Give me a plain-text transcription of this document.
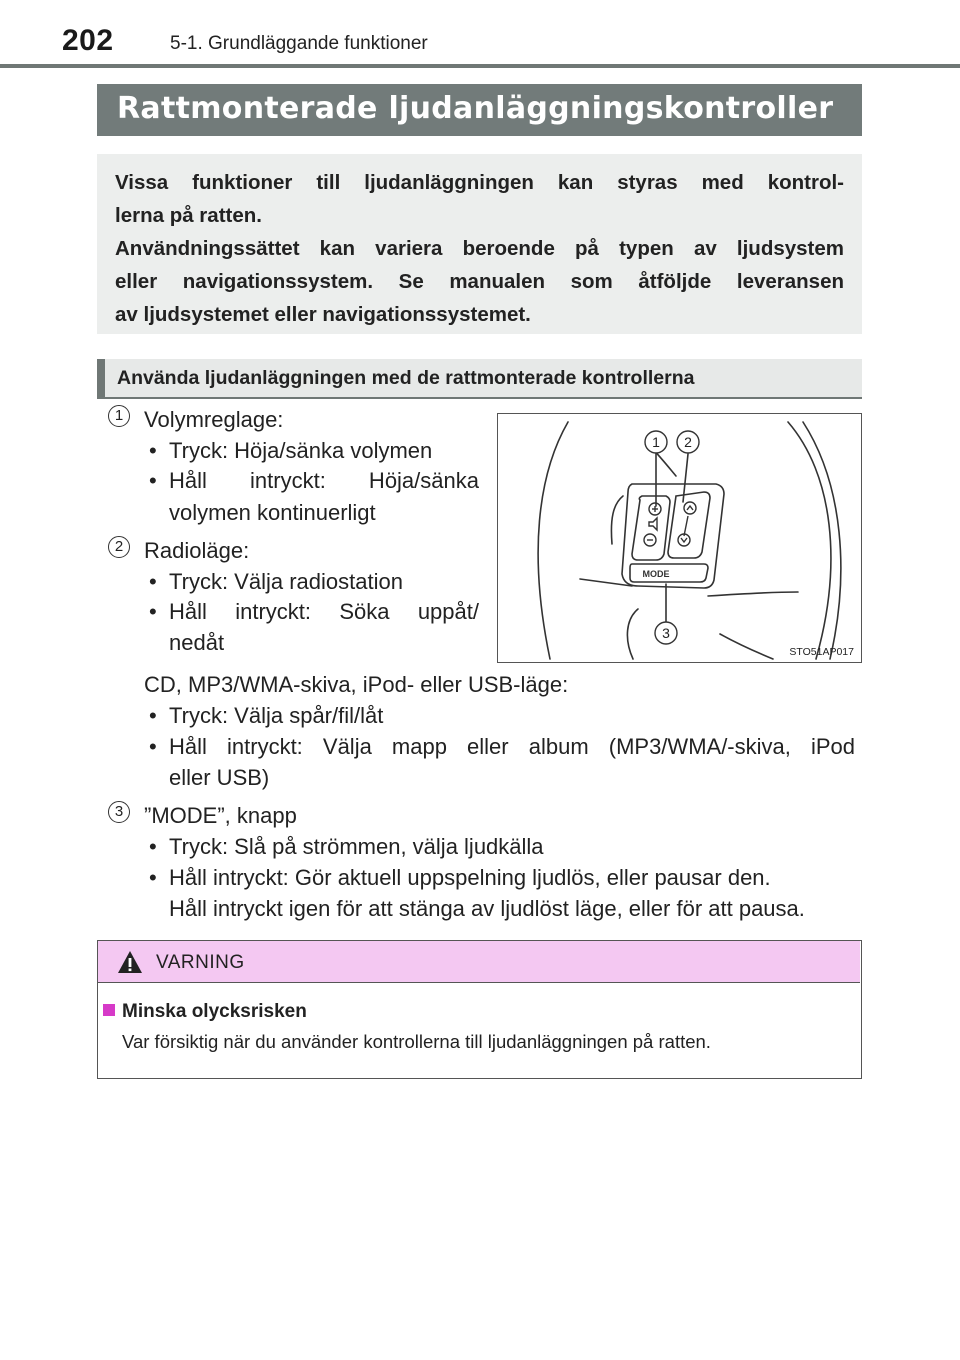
202	5-1. Grundläggande funktioner
Rattmonterade ljudanläggningskontroller

Vissa funktioner till ljudanläggningen kan styras med kontrol-

lerna på ratten.

Användningssättet kan variera beroende på typen av ljudsystem

eller navigationssystem. Se manualen som åtföljde leveransen

av ljudsystemet eller navigationssystemet.

Använda ljudanläggningen med de rattmonterade kontrollerna
1 Volymreglage:
• Tryck: Höja/sänka volymen
• Håll intryckt: Höja/sänka
volymen kontinuerligt
2 Radioläge:
• Tryck: Välja radiostation
• Håll intryckt: Söka uppåt/
nedåt
CD, MP3/WMA-skiva, iPod- eller USB-läge:
• Tryck: Välja spår/fil/låt
• Håll intryckt: Välja mapp eller album (MP3/WMA/-skiva, iPod
eller USB)
3 ”MODE”, knapp
• Tryck: Slå på strömmen, välja ljudkälla
• Håll intryckt: Gör aktuell uppspelning ljudlös, eller pausar den.
Håll intryckt igen för att stänga av ljudlöst läge, eller för att pausa.
MODE
1 2
3
STO51AP017
VARNING
Minska olycksrisken
Var försiktig när du använder kontrollerna till ljudanläggningen på ratten.
